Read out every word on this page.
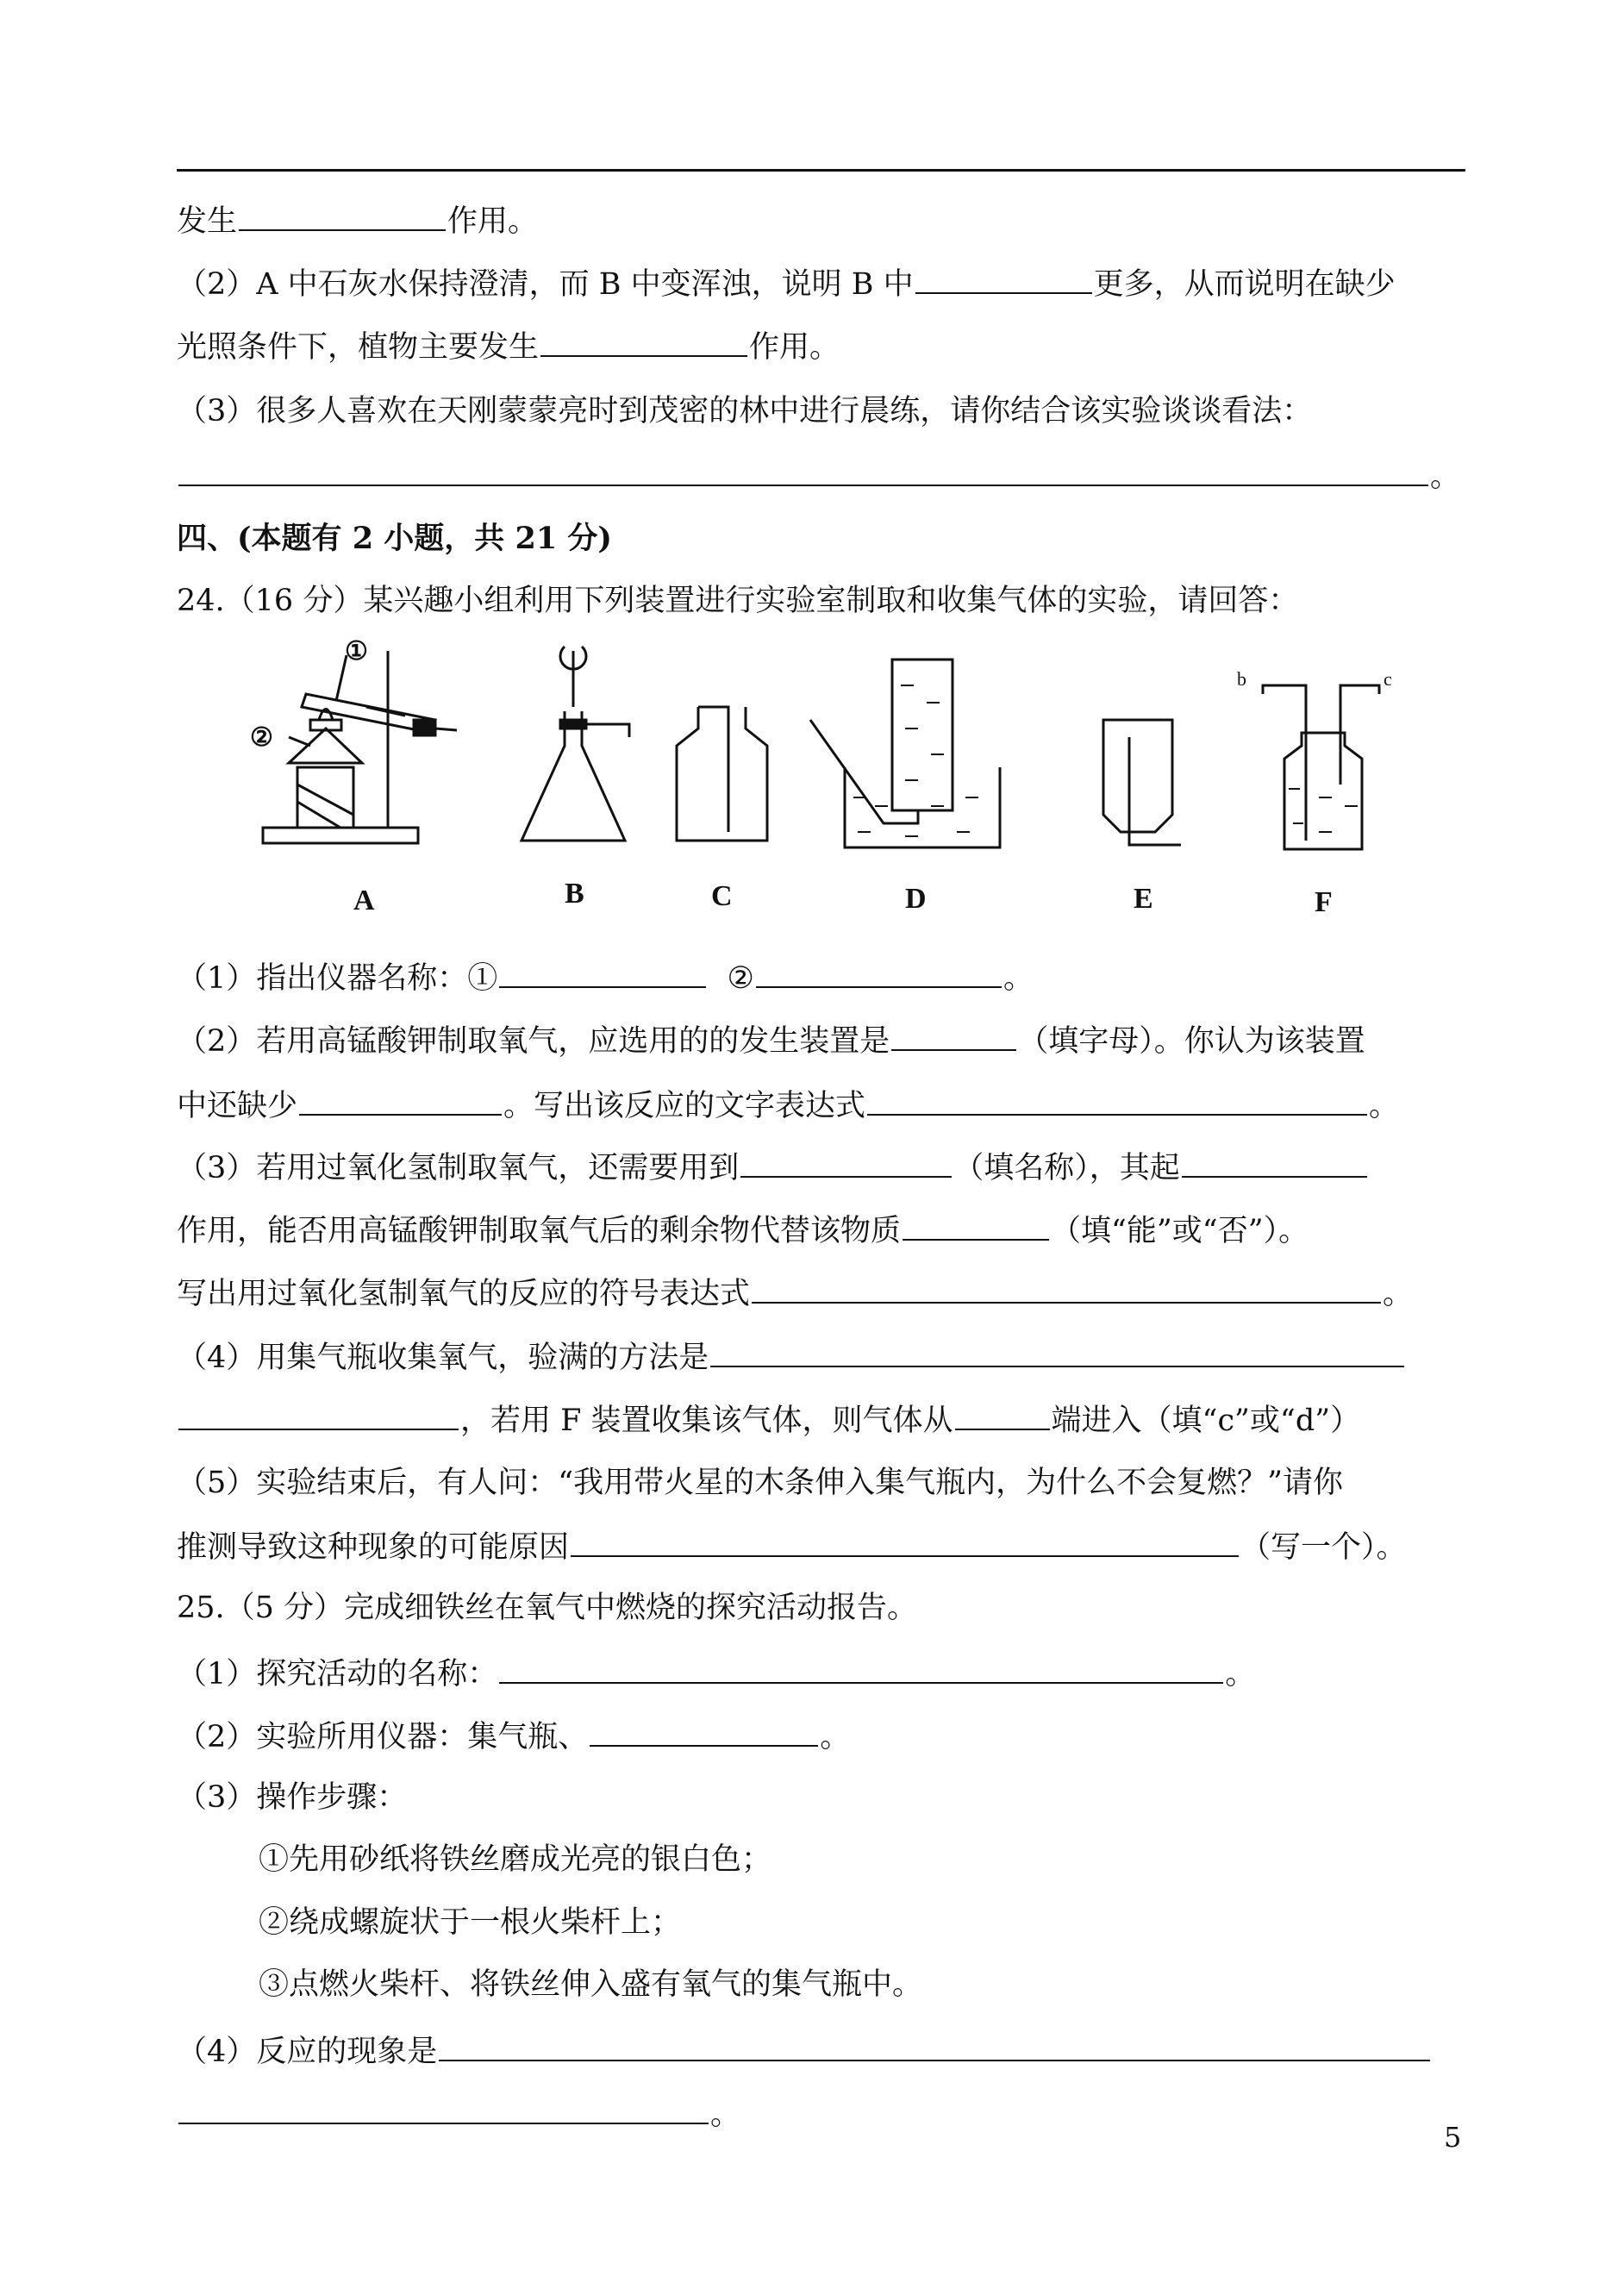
发生	作用。
（2）A 中石灰水保持澄清，而 B 中变浑浊，说明 B 中	更多，从而说明在缺少
光照条件下，植物主要发生	作用。
（3）很多人喜欢在天刚蒙蒙亮时到茂密的林中进行晨练，请你结合该实验谈谈看法：
。
四、(本题有 2 小题，共 21 分)
24.（16 分）某兴趣小组利用下列装置进行实验室制取和收集气体的实验，请回答：
①
②
b	c
A	B	C	D	E	F
（1）指出仪器名称：①	②	。
（2）若用高锰酸钾制取氧气，应选用的的发生装置是	（填字母）。你认为该装置
中还缺少	。写出该反应的文字表达式	。
（3）若用过氧化氢制取氧气，还需要用到	（填名称），其起
作用，能否用高锰酸钾制取氧气后的剩余物代替该物质	（填“能”或“否”）。
写出用过氧化氢制氧气的反应的符号表达式	。
（4）用集气瓶收集氧气，验满的方法是
，若用 F 装置收集该气体，则气体从	端进入（填“c”或“d”）
（5）实验结束后，有人问：“我用带火星的木条伸入集气瓶内，为什么不会复燃？”请你
推测导致这种现象的可能原因	（写一个）。
25.（5 分）完成细铁丝在氧气中燃烧的探究活动报告。
（1）探究活动的名称：	。
（2）实验所用仪器：集气瓶、	。
（3）操作步骤：
①先用砂纸将铁丝磨成光亮的银白色；
②绕成螺旋状于一根火柴杆上；
③点燃火柴杆、将铁丝伸入盛有氧气的集气瓶中。
（4）反应的现象是
。
5
